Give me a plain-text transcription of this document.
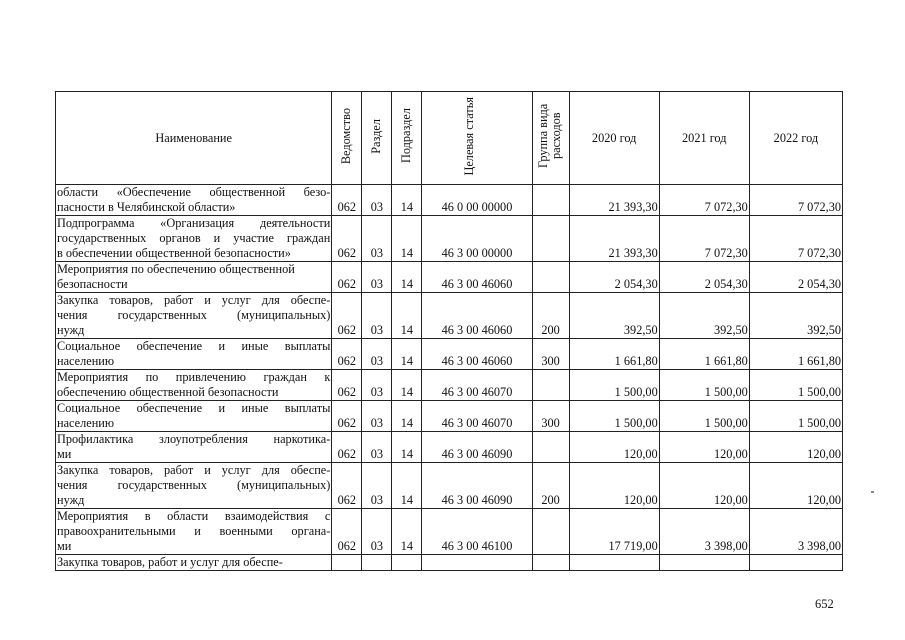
Наименование	Ведомство	Раздел	Подраздел	Целевая статья	Группа вида расходов	2020 год	2021 год	2022 год

области «Обеспечение общественной безо-
пасности в Челябинской области»	062	03	14	46 0 00 00000		21 393,30	7 072,30	7 072,30

Подпрограмма «Организация деятельности
государственных органов и участие граждан
в обеспечении общественной безопасности»	062	03	14	46 3 00 00000		21 393,30	7 072,30	7 072,30

Мероприятия по обеспечению общественной безопасности	062	03	14	46 3 00 46060		2 054,30	2 054,30	2 054,30

Закупка товаров, работ и услуг для обеспе-
чения государственных (муниципальных)
нужд	062	03	14	46 3 00 46060	200	392,50	392,50	392,50

Социальное обеспечение и иные выплаты
населению	062	03	14	46 3 00 46060	300	1 661,80	1 661,80	1 661,80

Мероприятия по привлечению граждан к
обеспечению общественной безопасности	062	03	14	46 3 00 46070		1 500,00	1 500,00	1 500,00

Социальное обеспечение и иные выплаты
населению	062	03	14	46 3 00 46070	300	1 500,00	1 500,00	1 500,00

Профилактика злоупотребления наркотика-
ми	062	03	14	46 3 00 46090		120,00	120,00	120,00

Закупка товаров, работ и услуг для обеспе-
чения государственных (муниципальных)
нужд	062	03	14	46 3 00 46090	200	120,00	120,00	120,00

Мероприятия в области взаимодействия с
правоохранительными и военными органа-
ми	062	03	14	46 3 00 46100		17 719,00	3 398,00	3 398,00

Закупка товаров, работ и услуг для обеспе-								

652
